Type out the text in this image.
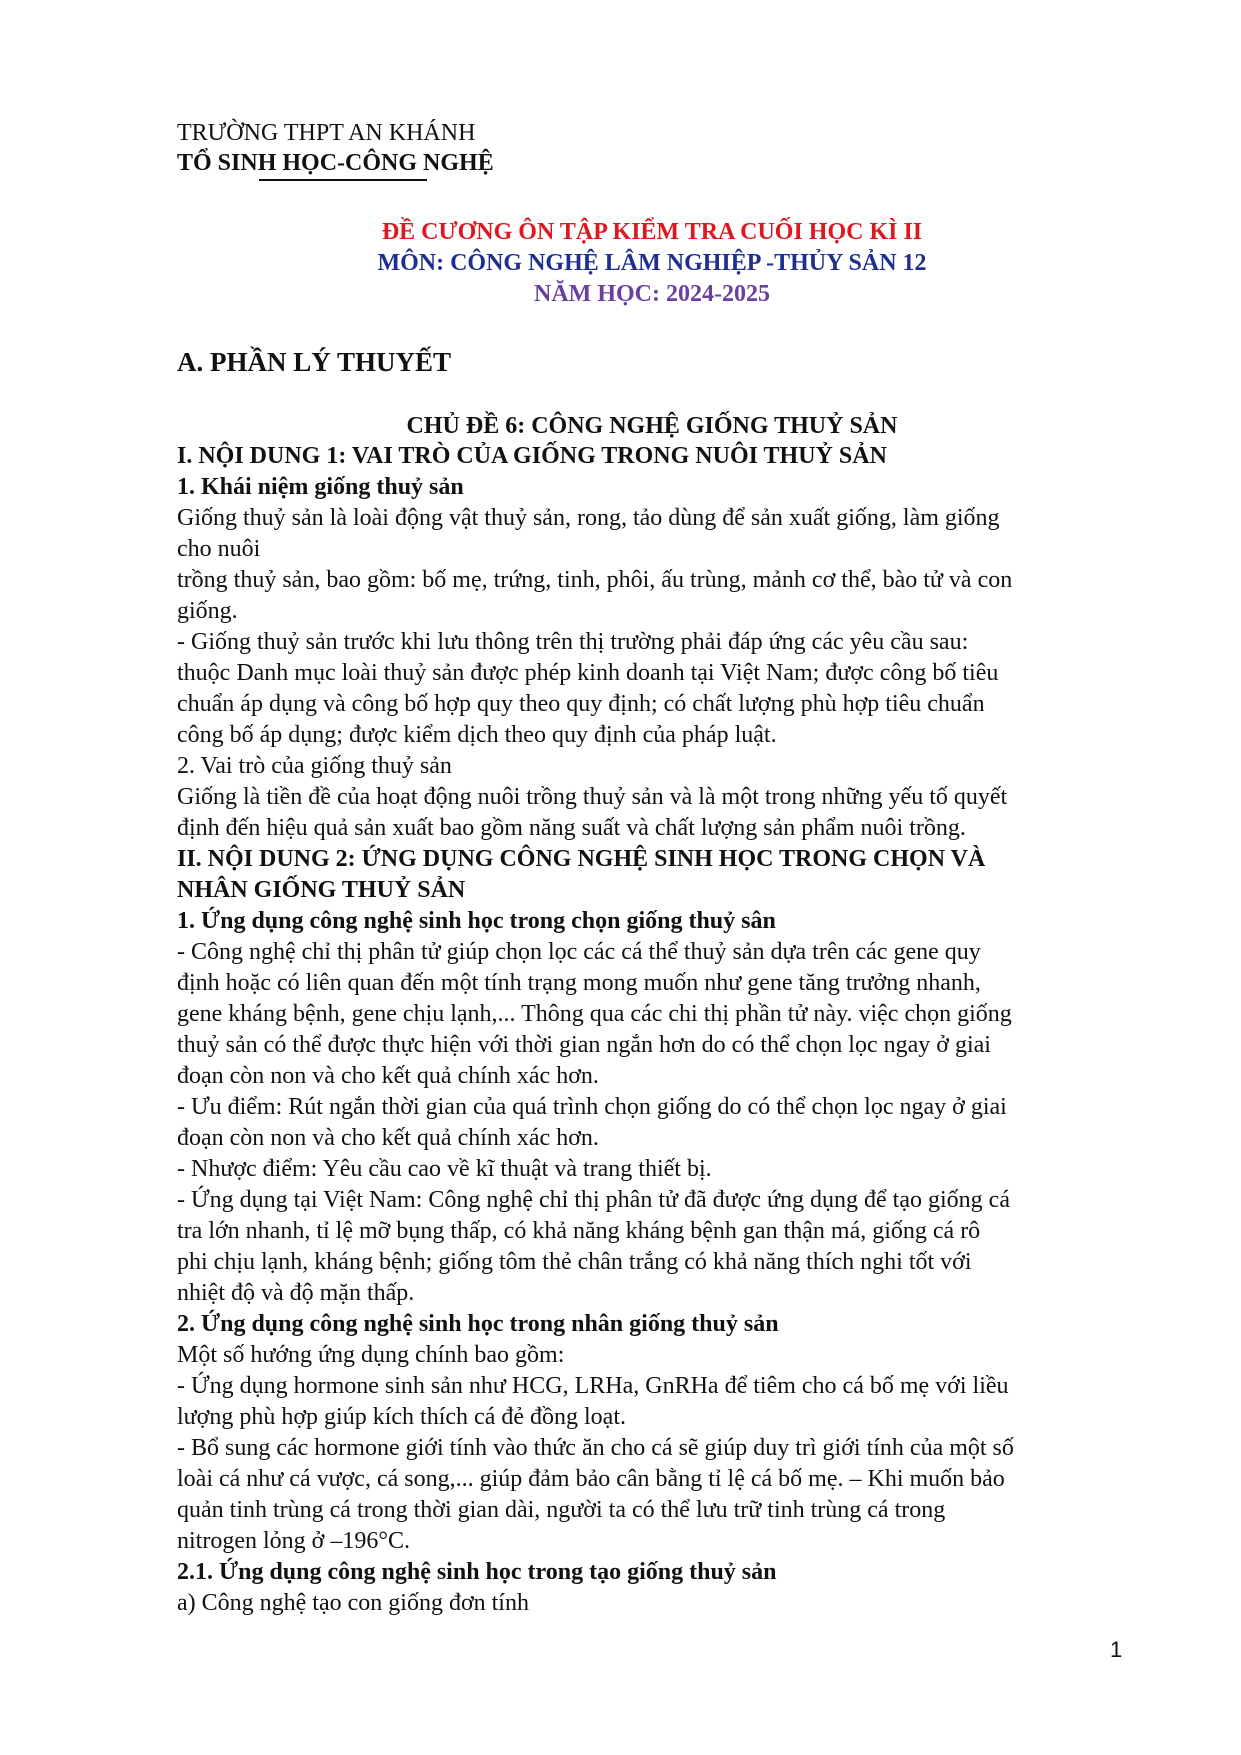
TRƯỜNG THPT AN KHÁNH
TỔ SINH HỌC-CÔNG NGHỆ
ĐỀ CƯƠNG ÔN TẬP KIỂM TRA CUỐI HỌC KÌ II
MÔN: CÔNG NGHỆ LÂM NGHIỆP -THỦY SẢN 12
NĂM HỌC: 2024-2025
A. PHẦN LÝ THUYẾT
CHỦ ĐỀ 6: CÔNG NGHỆ GIỐNG THUỶ SẢN
I. NỘI DUNG 1: VAI TRÒ CỦA GIỐNG TRONG NUÔI THUỶ SẢN
1. Khái niệm giống thuỷ sản
Giống thuỷ sản là loài động vật thuỷ sản, rong, tảo dùng để sản xuất giống, làm giống
cho nuôi
trồng thuỷ sản, bao gồm: bố mẹ, trứng, tinh, phôi, ấu trùng, mảnh cơ thể, bào tử và con
giống.
- Giống thuỷ sản trước khi lưu thông trên thị trường phải đáp ứng các yêu cầu sau:
thuộc Danh mục loài thuỷ sản được phép kinh doanh tại Việt Nam; được công bố tiêu
chuẩn áp dụng và công bố hợp quy theo quy định; có chất lượng phù hợp tiêu chuẩn
công bố áp dụng; được kiểm dịch theo quy định của pháp luật.
2. Vai trò của giống thuỷ sản
Giống là tiền đề của hoạt động nuôi trồng thuỷ sản và là một trong những yếu tố quyết
định đến hiệu quả sản xuất bao gồm năng suất và chất lượng sản phẩm nuôi trồng.
II. NỘI DUNG 2: ỨNG DỤNG CÔNG NGHỆ SINH HỌC TRONG CHỌN VÀ
NHÂN GIỐNG THUỶ SẢN
1. Ứng dụng công nghệ sinh học trong chọn giống thuỷ sân
- Công nghệ chỉ thị phân tử giúp chọn lọc các cá thể thuỷ sản dựa trên các gene quy
định hoặc có liên quan đến một tính trạng mong muốn như gene tăng trưởng nhanh,
gene kháng bệnh, gene chịu lạnh,... Thông qua các chi thị phần tử này. việc chọn giống
thuỷ sản có thể được thực hiện với thời gian ngắn hơn do có thể chọn lọc ngay ở giai
đoạn còn non và cho kết quả chính xác hơn.
- Ưu điểm: Rút ngắn thời gian của quá trình chọn giống do có thể chọn lọc ngay ở giai
đoạn còn non và cho kết quả chính xác hơn.
- Nhược điểm: Yêu cầu cao về kĩ thuật và trang thiết bị.
- Ứng dụng tại Việt Nam: Công nghệ chỉ thị phân tử đã được ứng dụng để tạo giống cá
tra lớn nhanh, tỉ lệ mỡ bụng thấp, có khả năng kháng bệnh gan thận má, giống cá rô
phi chịu lạnh, kháng bệnh; giống tôm thẻ chân trắng có khả năng thích nghi tốt với
nhiệt độ và độ mặn thấp.
2. Ứng dụng công nghệ sinh học trong nhân giống thuỷ sản
Một số hướng ứng dụng chính bao gồm:
- Ứng dụng hormone sinh sản như HCG, LRHa, GnRHa để tiêm cho cá bố mẹ với liều
lượng phù hợp giúp kích thích cá đẻ đồng loạt.
- Bổ sung các hormone giới tính vào thức ăn cho cá sẽ giúp duy trì giới tính của một số
loài cá như cá vược, cá song,... giúp đảm bảo cân bằng tỉ lệ cá bố mẹ. – Khi muốn bảo
quản tinh trùng cá trong thời gian dài, người ta có thể lưu trữ tinh trùng cá trong
nitrogen lỏng ở –196°C.
2.1. Ứng dụng công nghệ sinh học trong tạo giống thuỷ sản
a) Công nghệ tạo con giống đơn tính
1
